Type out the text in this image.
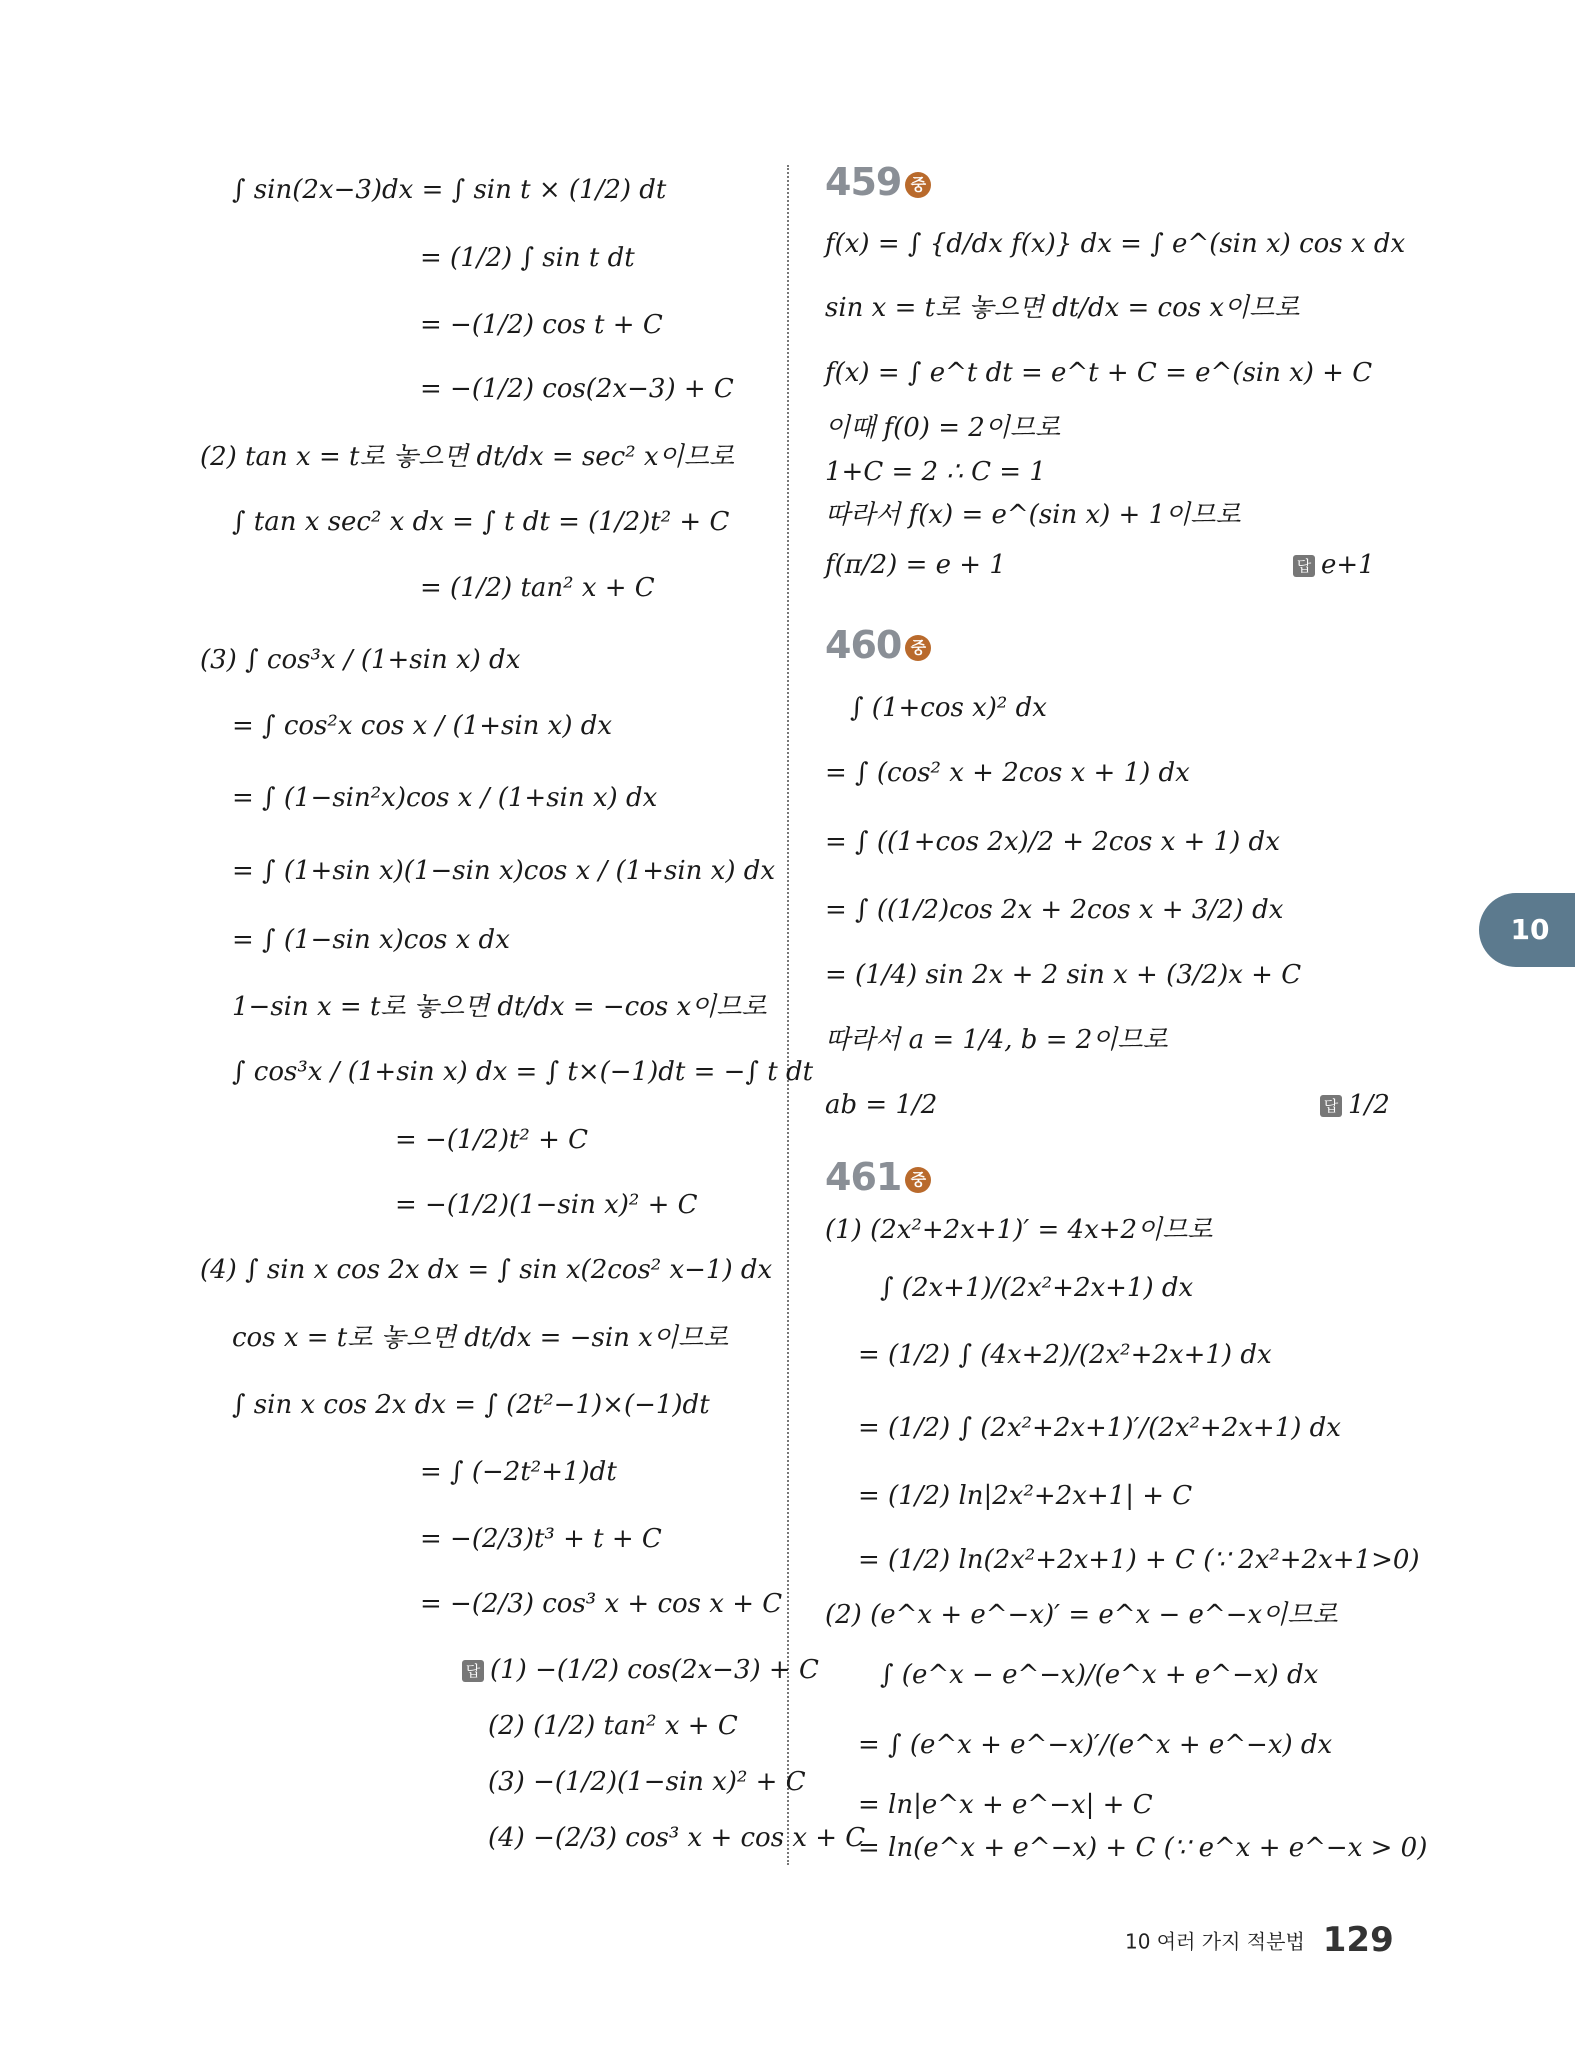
∫ sin(2x−3)dx = ∫ sin t × (1/2) dt
= (1/2) ∫ sin t dt
= −(1/2) cos t + C
= −(1/2) cos(2x−3) + C
(2) tan x = t로 놓으면 dt/dx = sec² x이므로
∫ tan x sec² x dx = ∫ t dt = (1/2)t² + C
= (1/2) tan² x + C
(3) ∫ cos³x / (1+sin x) dx
= ∫ cos²x cos x / (1+sin x) dx
= ∫ (1−sin²x)cos x / (1+sin x) dx
= ∫ (1+sin x)(1−sin x)cos x / (1+sin x) dx
= ∫ (1−sin x)cos x dx
1−sin x = t로 놓으면 dt/dx = −cos x이므로
∫ cos³x / (1+sin x) dx = ∫ t×(−1)dt = −∫ t dt
= −(1/2)t² + C
= −(1/2)(1−sin x)² + C
(4) ∫ sin x cos 2x dx = ∫ sin x(2cos² x−1) dx
cos x = t로 놓으면 dt/dx = −sin x이므로
∫ sin x cos 2x dx = ∫ (2t²−1)×(−1)dt
= ∫ (−2t²+1)dt
= −(2/3)t³ + t + C
= −(2/3) cos³ x + cos x + C
답 (1) −(1/2) cos(2x−3) + C
(2) (1/2) tan² x + C
(3) −(1/2)(1−sin x)² + C
(4) −(2/3) cos³ x + cos x + C
459 중
f(x) = ∫ {d/dx f(x)} dx = ∫ e^(sin x) cos x dx
sin x = t로 놓으면 dt/dx = cos x이므로
f(x) = ∫ e^t dt = e^t + C = e^(sin x) + C
이때 f(0) = 2이므로
1+C = 2 ∴ C = 1
따라서 f(x) = e^(sin x) + 1이므로
f(π/2) = e + 1	답 e+1
460 중
∫ (1+cos x)² dx
= ∫ (cos² x + 2cos x + 1) dx
= ∫ ((1+cos 2x)/2 + 2cos x + 1) dx
= ∫ ((1/2)cos 2x + 2cos x + 3/2) dx
= (1/4) sin 2x + 2 sin x + (3/2)x + C
따라서 a = 1/4, b = 2이므로
ab = 1/2	답 1/2
461 중
(1) (2x²+2x+1)′ = 4x+2이므로
∫ (2x+1)/(2x²+2x+1) dx
= (1/2) ∫ (4x+2)/(2x²+2x+1) dx
= (1/2) ∫ (2x²+2x+1)′/(2x²+2x+1) dx
= (1/2) ln|2x²+2x+1| + C
= (1/2) ln(2x²+2x+1) + C (∵ 2x²+2x+1>0)
(2) (e^x + e^−x)′ = e^x − e^−x이므로
∫ (e^x − e^−x)/(e^x + e^−x) dx
= ∫ (e^x + e^−x)′/(e^x + e^−x) dx
= ln|e^x + e^−x| + C
= ln(e^x + e^−x) + C (∵ e^x + e^−x > 0)
10
10 여러 가지 적분법 129
